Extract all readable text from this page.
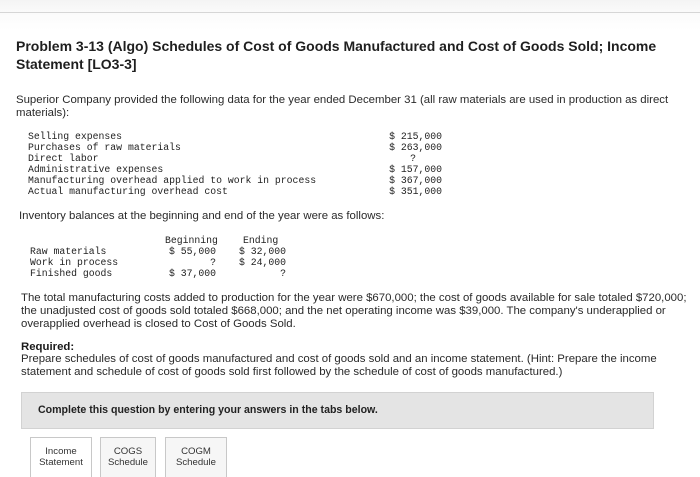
Problem 3-13 (Algo) Schedules of Cost of Goods Manufactured and Cost of Goods Sold; Income Statement [LO3-3]
Superior Company provided the following data for the year ended December 31 (all raw materials are used in production as direct materials):
Selling expenses	$ 215,000
Purchases of raw materials	$ 263,000
Direct labor	?
Administrative expenses	$ 157,000
Manufacturing overhead applied to work in process	$ 367,000
Actual manufacturing overhead cost	$ 351,000
Inventory balances at the beginning and end of the year were as follows:
Beginning	Ending
Raw materials	$ 55,000	$ 32,000
Work in process	?	$ 24,000
Finished goods	$ 37,000	?
The total manufacturing costs added to production for the year were $670,000; the cost of goods available for sale totaled $720,000; the unadjusted cost of goods sold totaled $668,000; and the net operating income was $39,000. The company's underapplied or overapplied overhead is closed to Cost of Goods Sold.
Required:
Prepare schedules of cost of goods manufactured and cost of goods sold and an income statement. (Hint: Prepare the income statement and schedule of cost of goods sold first followed by the schedule of cost of goods manufactured.)
Complete this question by entering your answers in the tabs below.
Income
Statement
COGS
Schedule
COGM
Schedule
